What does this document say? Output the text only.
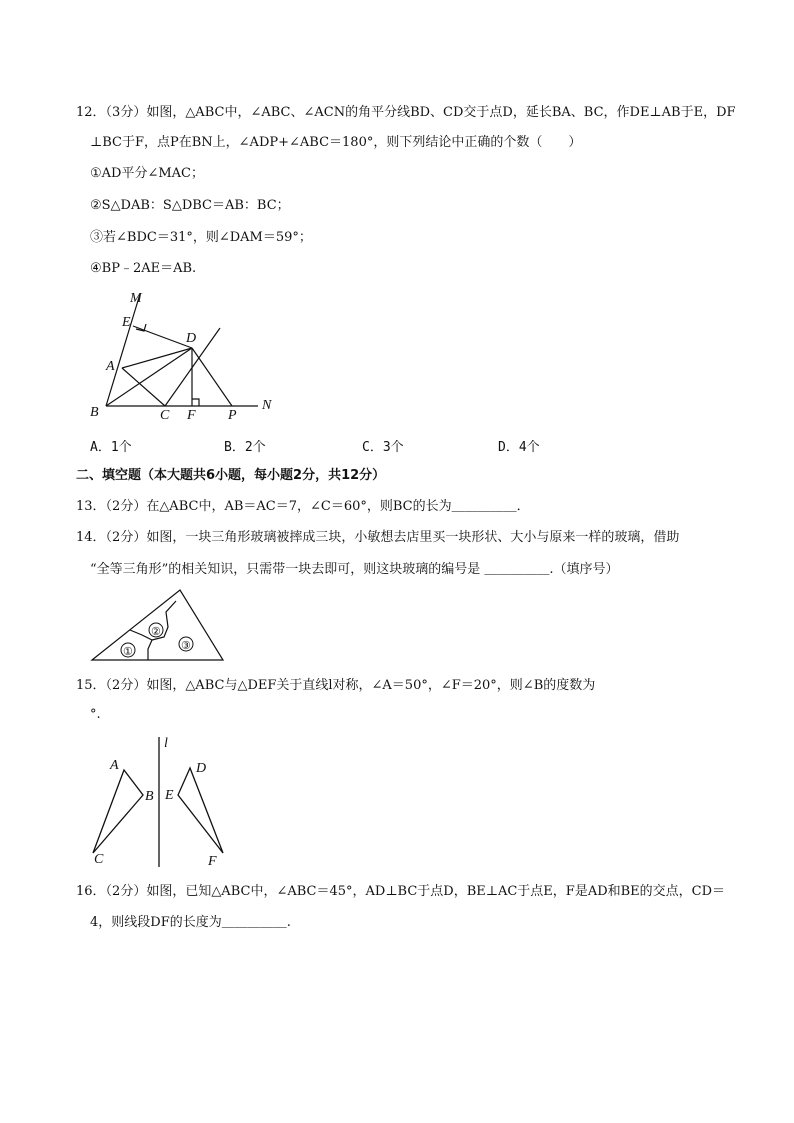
12．（3分）如图，△ABC中，∠ABC、∠ACN的角平分线BD、CD交于点D，延长BA、BC，作DE⊥AB于E，DF
⊥BC于F，点P在BN上，∠ADP+∠ABC＝180°，则下列结论中正确的个数（　　）
①AD平分∠MAC；
②S△DAB：S△DBC＝AB：BC；
③若∠BDC＝31°，则∠DAM＝59°；
④BP﹣2AE＝AB.
M
E
D
A
B	C F P
N
A．1个	B．2个	C．3个	D．4个
二、填空题（本大题共6小题，每小题2分，共12分）
13．（2分）在△ABC中，AB＝AC＝7，∠C＝60°，则BC的长为＿＿＿＿＿．
14．（2分）如图，一块三角形玻璃被摔成三块，小敏想去店里买一块形状、大小与原来一样的玻璃，借助
“全等三角形”的相关知识，只需带一块去即可，则这块玻璃的编号是 ＿＿＿＿＿.（填序号）
①
②
③
15．（2分）如图，△ABC与△DEF关于直线l对称，∠A＝50°，∠F＝20°，则∠B的度数为
°.
l
A
B
C
D
E
F
16．（2分）如图，已知△ABC中，∠ABC＝45°，AD⊥BC于点D，BE⊥AC于点E，F是AD和BE的交点，CD＝
4，则线段DF的长度为＿＿＿＿＿.
